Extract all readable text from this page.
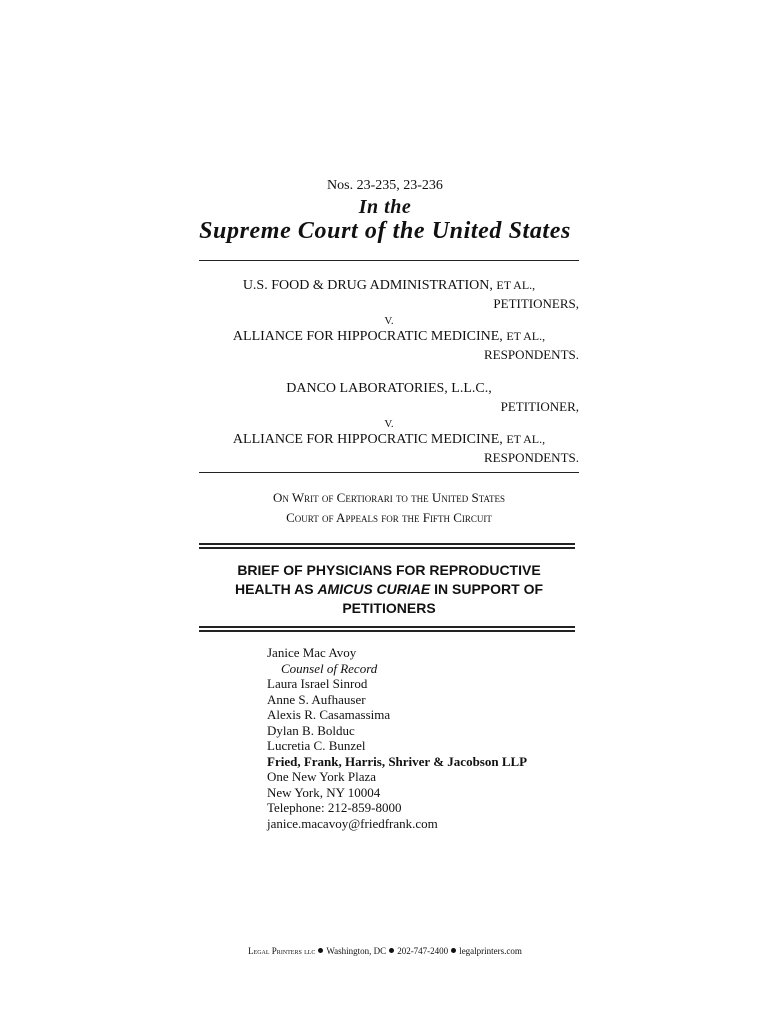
Nos. 23-235, 23-236
In the
Supreme Court of the United States
U.S. FOOD & DRUG ADMINISTRATION, ET AL.,
PETITIONERS,
V.
ALLIANCE FOR HIPPOCRATIC MEDICINE, ET AL.,
RESPONDENTS.
DANCO LABORATORIES, L.L.C.,
PETITIONER,
V.
ALLIANCE FOR HIPPOCRATIC MEDICINE, ET AL.,
RESPONDENTS.
On Writ of Certiorari to the United States
Court of Appeals for the Fifth Circuit
BRIEF OF PHYSICIANS FOR REPRODUCTIVE
HEALTH AS AMICUS CURIAE IN SUPPORT OF
PETITIONERS
Janice Mac Avoy
Counsel of Record
Laura Israel Sinrod
Anne S. Aufhauser
Alexis R. Casamassima
Dylan B. Bolduc
Lucretia C. Bunzel
Fried, Frank, Harris, Shriver & Jacobson LLP
One New York Plaza
New York, NY 10004
Telephone: 212-859-8000
janice.macavoy@friedfrank.com
Legal Printers llc Washington, DC 202-747-2400 legalprinters.com
